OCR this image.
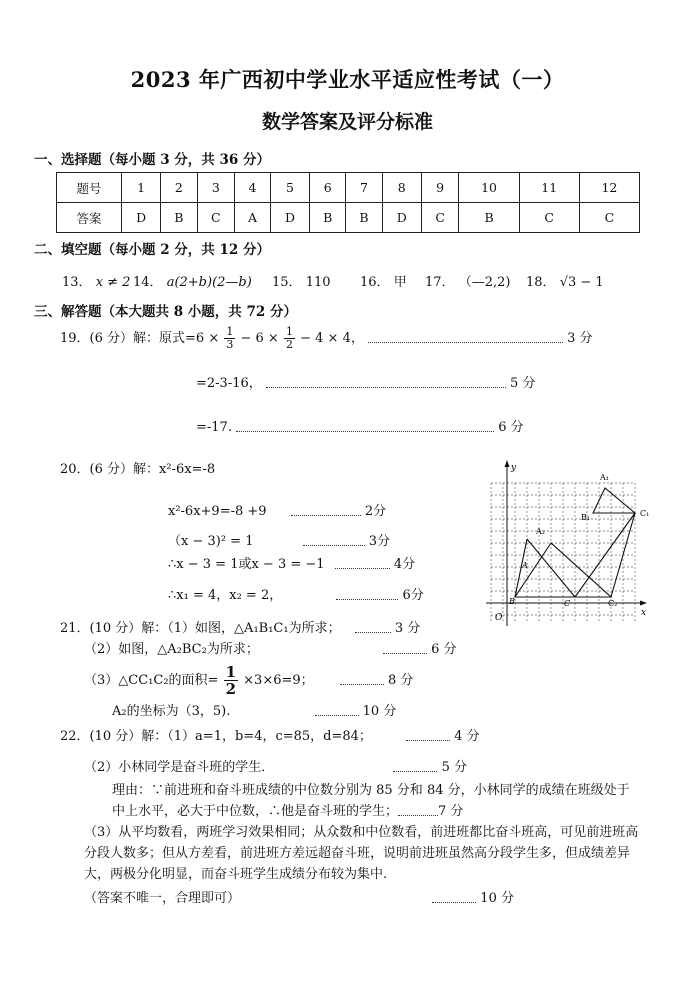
2023 年广西初中学业水平适应性考试（一）
数学答案及评分标准
一、选择题（每小题 3 分，共 36 分）
题号	1	2	3	4	5	6	7	8	9	10	11	12
答案	D	B	C	A	D	B	B	D	C	B	C	C
二、填空题（每小题 2 分，共 12 分）
13． x ≠ 2 14． a(2+b)(2—b) 15． 110 16． 甲 17． （—2,2) 18． √3 − 1
三、解答题（本大题共 8 小题，共 72 分）
19．(6 分）解：原式$=6 \times \frac{1}{3} - 6 \times \frac{1}{2} - 4 \times 4$，	3 分
=2-3-16，	5 分
=-17.	6 分
20．(6 分）解：x²-6x=-8
x²-6x+9=-8 +9	2分
（x − 3)² = 1	3分
∴x − 3 = 1或x − 3 = −1	4分
∴x₁ = 4，x₂ = 2，	6分
y
x
O
A₁
B₁	C₁
A₂
A
B	C	C₂
21．(10 分）解：（1）如图，△A₁B₁C₁为所求；	3 分
（2）如图，△A₂BC₂为所求；	6 分
（3）△CC₁C₂的面积= $\frac{1}{2} \times 3\times 6=9$；	8 分
A₂的坐标为（3，5).	10 分
22．(10 分）解：（1）a=1，b=4，c=85，d=84；	4 分
（2）小林同学是奋斗班的学生．	5 分
理由：∵前进班和奋斗班成绩的中位数分别为 85 分和 84 分，小林同学的成绩在班级处于中上水平，必大于中位数，∴他是奋斗班的学生；	7 分
（3）从平均数看，两班学习效果相同；从众数和中位数看，前进班都比奋斗班高，可见前进班高分段人数多；但从方差看，前进班方差远超奋斗班，说明前进班虽然高分段学生多，但成绩差异大，两极分化明显，而奋斗班学生成绩分布较为集中.
（答案不唯一，合理即可）	10 分
